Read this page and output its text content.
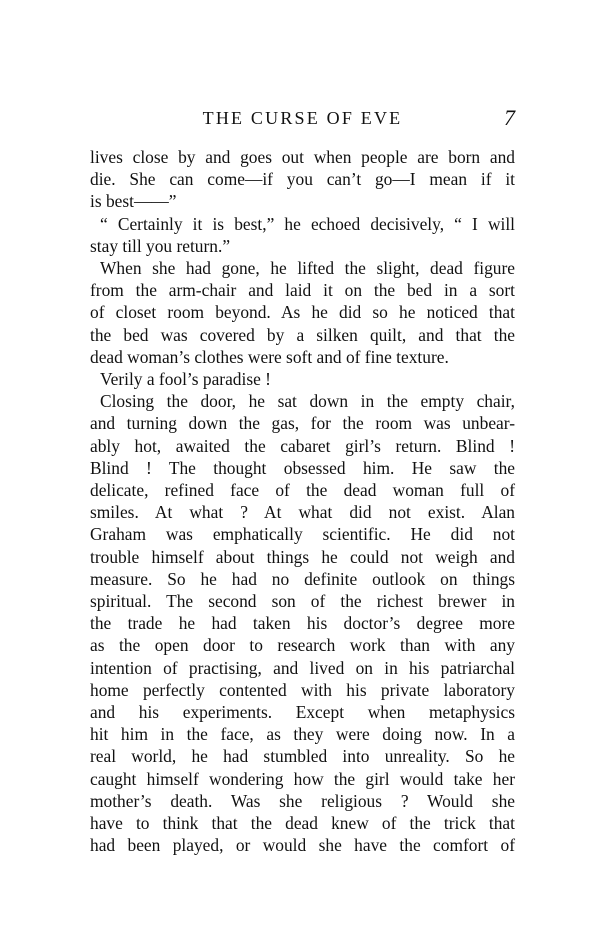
THE CURSE OF EVE	7

lives close by and goes out when people are born and
die. She can come—if you can’t go—I mean if it
is best——”

“ Certainly it is best,” he echoed decisively, “ I will
stay till you return.”

When she had gone, he lifted the slight, dead figure
from the arm-chair and laid it on the bed in a sort
of closet room beyond. As he did so he noticed that
the bed was covered by a silken quilt, and that the
dead woman’s clothes were soft and of fine texture.

Verily a fool’s paradise !

Closing the door, he sat down in the empty chair,
and turning down the gas, for the room was unbear-
ably hot, awaited the cabaret girl’s return. Blind !
Blind ! The thought obsessed him. He saw the
delicate, refined face of the dead woman full of
smiles. At what ? At what did not exist. Alan
Graham was emphatically scientific. He did not
trouble himself about things he could not weigh and
measure. So he had no definite outlook on things
spiritual. The second son of the richest brewer in
the trade he had taken his doctor’s degree more
as the open door to research work than with any
intention of practising, and lived on in his patriarchal
home perfectly contented with his private laboratory
and his experiments. Except when metaphysics
hit him in the face, as they were doing now. In a
real world, he had stumbled into unreality. So he
caught himself wondering how the girl would take her
mother’s death. Was she religious ? Would she
have to think that the dead knew of the trick that
had been played, or would she have the comfort of
